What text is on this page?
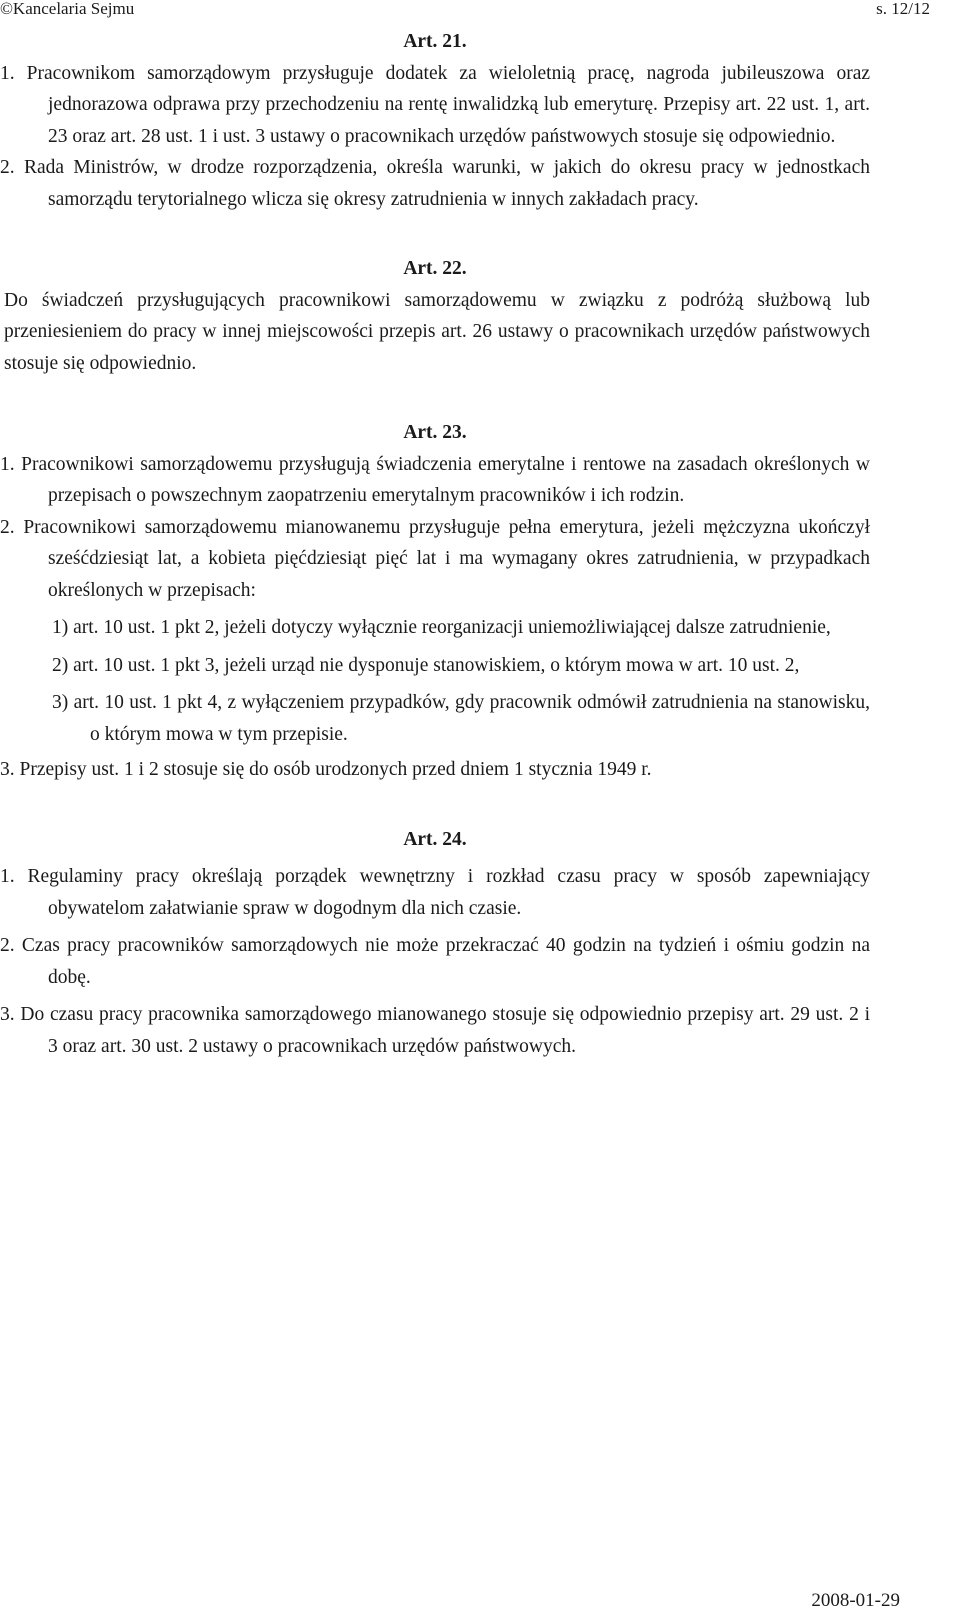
©Kancelaria Sejmu	s. 12/12
Art. 21.

1. Pracownikom samorządowym przysługuje dodatek za wieloletnią pracę, nagroda jubileuszowa oraz jednorazowa odprawa przy przechodzeniu na rentę inwalidzką lub emeryturę. Przepisy art. 22 ust. 1, art. 23 oraz art. 28 ust. 1 i ust. 3 ustawy o pracownikach urzędów państwowych stosuje się odpowiednio.

2. Rada Ministrów, w drodze rozporządzenia, określa warunki, w jakich do okresu pracy w jednostkach samorządu terytorialnego wlicza się okresy zatrudnienia w innych zakładach pracy.

Art. 22.

Do świadczeń przysługujących pracownikowi samorządowemu w związku z podróżą służbową lub przeniesieniem do pracy w innej miejscowości przepis art. 26 ustawy o pracownikach urzędów państwowych stosuje się odpowiednio.

Art. 23.

1. Pracownikowi samorządowemu przysługują świadczenia emerytalne i rentowe na zasadach określonych w przepisach o powszechnym zaopatrzeniu emerytalnym pracowników i ich rodzin.

2. Pracownikowi samorządowemu mianowanemu przysługuje pełna emerytura, jeżeli mężczyzna ukończył sześćdziesiąt lat, a kobieta pięćdziesiąt pięć lat i ma wymagany okres zatrudnienia, w przypadkach określonych w przepisach:

1) art. 10 ust. 1 pkt 2, jeżeli dotyczy wyłącznie reorganizacji uniemożliwiającej dalsze zatrudnienie,

2) art. 10 ust. 1 pkt 3, jeżeli urząd nie dysponuje stanowiskiem, o którym mowa w art. 10 ust. 2,

3) art. 10 ust. 1 pkt 4, z wyłączeniem przypadków, gdy pracownik odmówił zatrudnienia na stanowisku, o którym mowa w tym przepisie.

3. Przepisy ust. 1 i 2 stosuje się do osób urodzonych przed dniem 1 stycznia 1949 r.

Art. 24.

1. Regulaminy pracy określają porządek wewnętrzny i rozkład czasu pracy w sposób zapewniający obywatelom załatwianie spraw w dogodnym dla nich czasie.

2. Czas pracy pracowników samorządowych nie może przekraczać 40 godzin na tydzień i ośmiu godzin na dobę.

3. Do czasu pracy pracownika samorządowego mianowanego stosuje się odpowiednio przepisy art. 29 ust. 2 i 3 oraz art. 30 ust. 2 ustawy o pracownikach urzędów państwowych.

2008-01-29
